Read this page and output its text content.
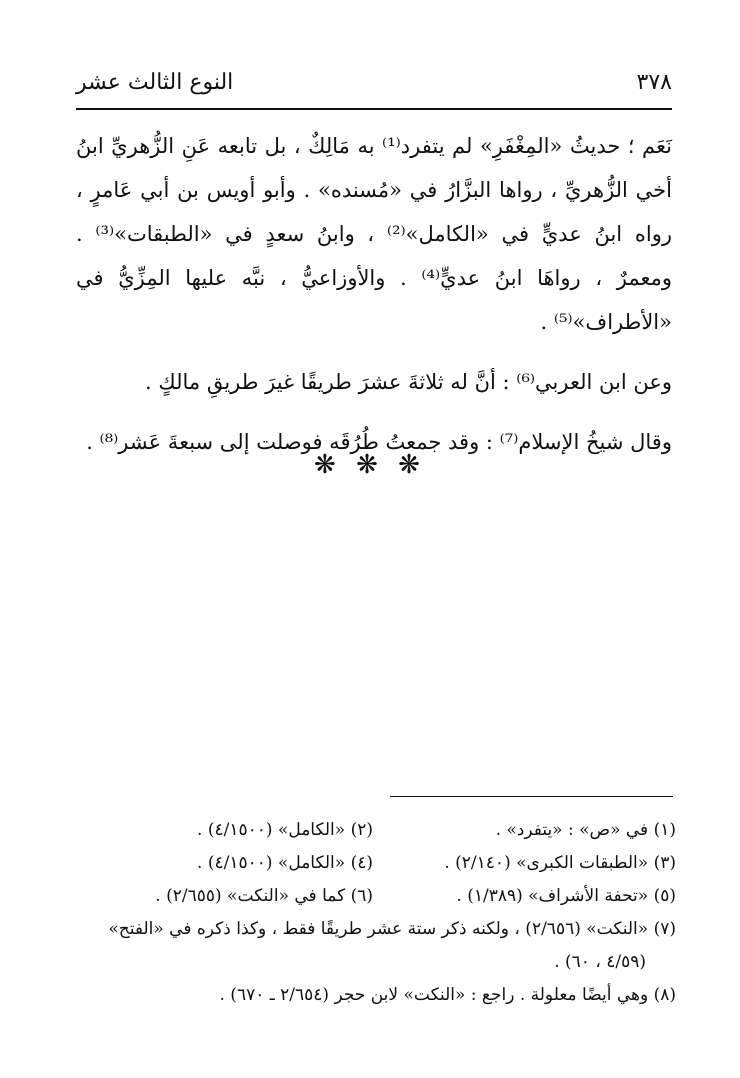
٣٧٨
النوع الثالث عشر

نَعَم ؛ حديثُ «المِغْفَرِ» لم يتفرد⁽¹⁾ به مَالِكٌ ، بل تابعه عَنِ الزُّهريِّ ابنُ أخي الزُّهريِّ ، رواها البزَّارُ في «مُسنده» . وأبو أويس بن أبي عَامرٍ ، رواه ابنُ عديٍّ في «الكامل»⁽²⁾ ، وابنُ سعدٍ في «الطبقات»⁽³⁾ . ومعمرٌ ، رواهَا ابنُ عديٍّ⁽⁴⁾ . والأوزاعيُّ ، نبَّه عليها المِزِّيُّ في «الأطراف»⁽⁵⁾ .

وعن ابن العربي⁽⁶⁾ : أنَّ له ثلاثةَ عشرَ طريقًا غيرَ طريقِ مالكٍ .

وقال شيخُ الإسلام⁽⁷⁾ : وقد جمعتُ طُرُقَه فوصلت إلى سبعةَ عَشر⁽⁸⁾ .

❋ ❋ ❋
(١) في «ص» : «يتفرد» .
(٢) «الكامل» (٤/١٥٠٠) .
(٣) «الطبقات الكبرى» (٢/١٤٠) .
(٤) «الكامل» (٤/١٥٠٠) .
(٥) «تحفة الأشراف» (١/٣٨٩) .
(٦) كما في «النكت» (٢/٦٥٥) .
(٧) «النكت» (٢/٦٥٦) ، ولكنه ذكر ستة عشر طريقًا فقط ، وكذا ذكره في «الفتح»
(٤/٥٩ ، ٦٠) .
(٨) وهي أيضًا معلولة . راجع : «النكت» لابن حجر (٢/٦٥٤ ـ ٦٧٠) .
